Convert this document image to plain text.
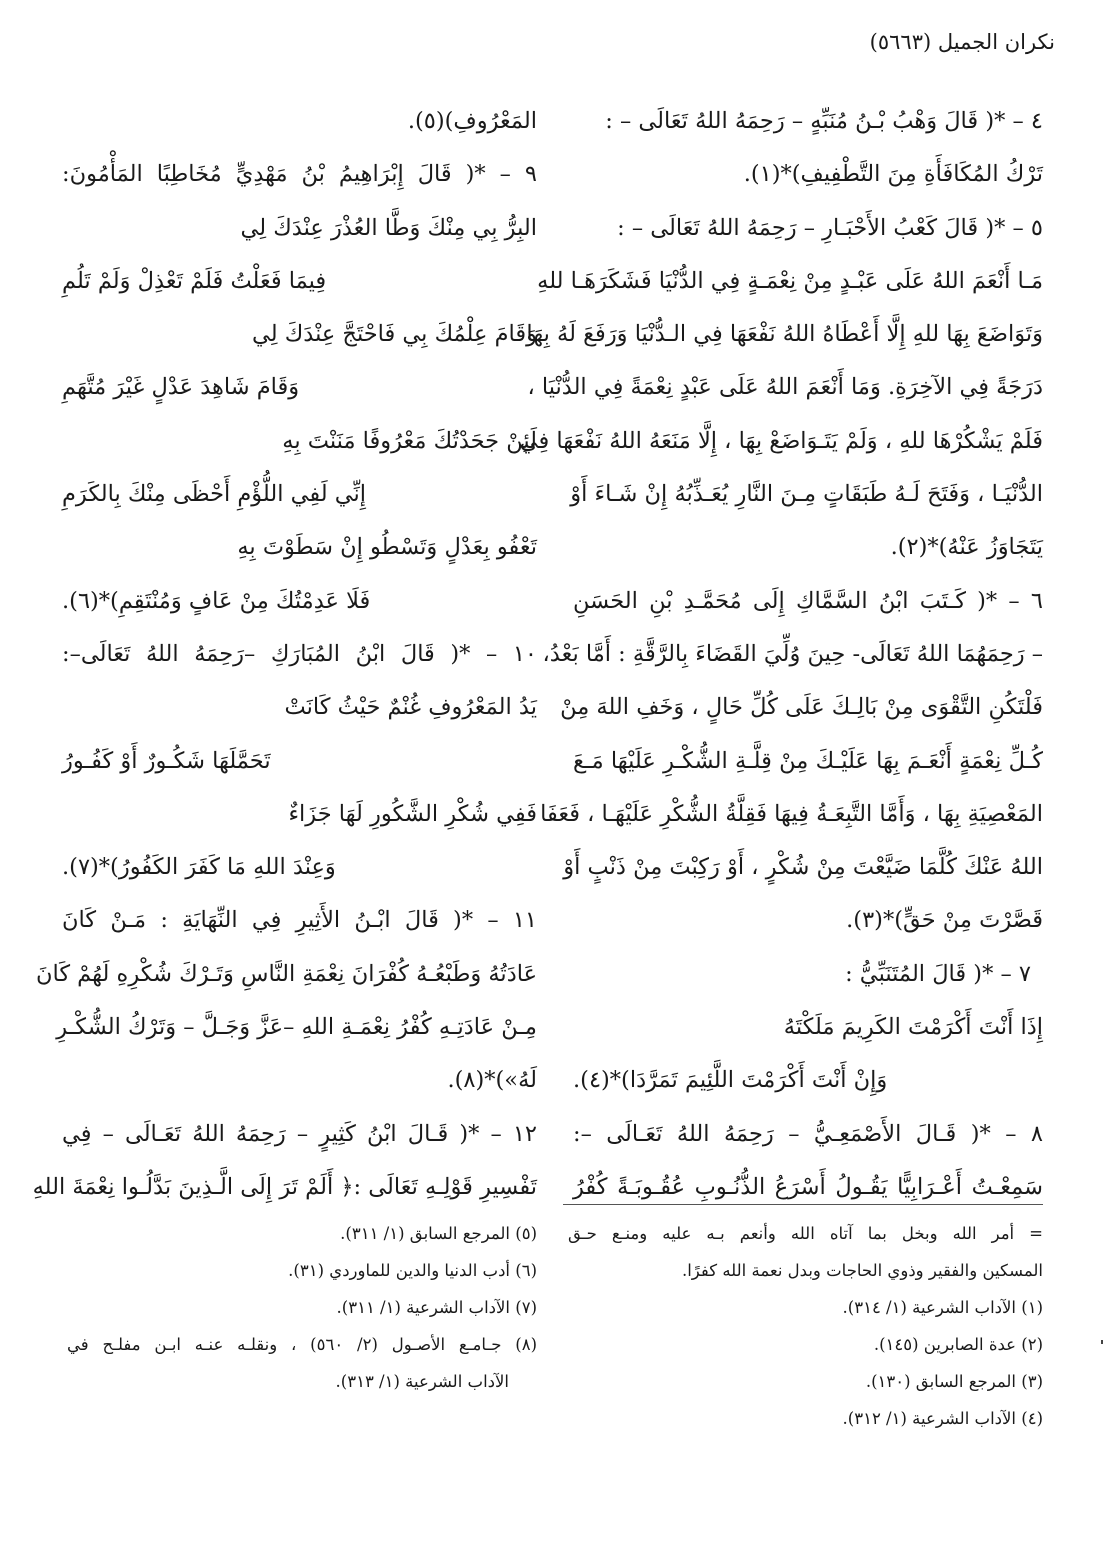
نكران الجميل (٥٦٦٣)
٤ – *( قَالَ وَهْبُ بْـنُ مُنَبِّهٍ – رَحِمَهُ اللهُ تَعَالَى – :
تَرْكُ المُكَافَأَةِ مِنَ التَّطْفِيفِ)*(١).
٥ – *( قَالَ كَعْبُ الأَحْبَـارِ – رَحِمَهُ اللهُ تَعَالَى – :
مَـا أَنْعَمَ اللهُ عَلَى عَبْـدٍ مِنْ نِعْمَـةٍ فِي الدُّنْيَا فَشَكَرَهَـا للهِ
وَتَوَاضَعَ بِهَا للهِ إِلَّا أَعْطَاهُ اللهُ نَفْعَهَا فِي الـدُّنْيَا وَرَفَعَ لَهُ بِهَا
دَرَجَةً فِي الآخِرَةِ. وَمَا أَنْعَمَ اللهُ عَلَى عَبْدٍ نِعْمَةً فِي الدُّنْيَا ،
فَلَمْ يَشْكُرْهَا للهِ ، وَلَمْ يَتَـوَاضَعْ بِهَا ، إِلَّا مَنَعَهُ اللهُ نَفْعَهَا فِي
الدُّنْيَـا ، وَفَتَحَ لَـهُ طَبَقَاتٍ مِـنَ النَّارِ يُعَـذِّبُهُ إِنْ شَـاءَ أَوْ
يَتَجَاوَزُ عَنْهُ)*(٢).
٦ – *( كَـتَبَ ابْنُ السَّمَّاكِ إِلَى مُحَمَّـدِ بْنِ الحَسَنِ
– رَحِمَهُمَا اللهُ تَعَالَى- حِينَ وُلِّيَ القَضَاءَ بِالرَّقَّةِ : أَمَّا بَعْدُ،
فَلْتَكُنِ التَّقْوَى مِنْ بَالِـكَ عَلَى كُلِّ حَالٍ ، وَخَفِ اللهَ مِنْ
كُـلِّ نِعْمَةٍ أَنْعَـمَ بِهَا عَلَيْـكَ مِنْ قِلَّـةِ الشُّكْـرِ عَلَيْهَا مَـعَ
المَعْصِيَةِ بِهَا ، وَأَمَّا التَّبِعَـةُ فِيهَا فَقِلَّةُ الشُّكْرِ عَلَيْهَـا ، فَعَفَا
اللهُ عَنْكَ كُلَّمَا ضَيَّعْتَ مِنْ شُكْرٍ ، أَوْ رَكِبْتَ مِنْ ذَنْبٍ أَوْ
قَصَّرْتَ مِنْ حَقٍّ)*(٣).
٧ – *( قَالَ المُتَنَبِّيُّ :
إِذَا أَنْتَ أَكْرَمْتَ الكَرِيمَ مَلَكْتَهُ
وَإِنْ أَنْتَ أَكْرَمْتَ اللَّئِيمَ تَمَرَّدَا)*(٤).
٨ – *( قَـالَ الأَصْمَعِـيُّ – رَحِمَهُ اللهُ تَعَـالَى –:
سَمِعْـتُ أَعْـرَابِيًّا يَقُـولُ أَسْرَعُ الذُّنُـوبِ عُقُـوبَـةً كُفْرُ
المَعْرُوفِ)(٥).
٩ – *( قَالَ إِبْرَاهِيمُ بْنُ مَهْدِيٍّ مُخَاطِبًا المَأْمُونَ:
البِرُّ بِي مِنْكَ وَطَّا العُذْرَ عِنْدَكَ لِي
فِيمَا فَعَلْتُ فَلَمْ تَعْذِلْ وَلَمْ تَلُمِ
وَقَامَ عِلْمُكَ بِي فَاحْتَجَّ عِنْدَكَ لِي
وَقَامَ شَاهِدَ عَدْلٍ غَيْرَ مُتَّهَمِ
لَئِنْ جَحَدْتُكَ مَعْرُوفًا مَنَنْتَ بِهِ
إِنِّي لَفِي اللُّؤْمِ أَحْظَى مِنْكَ بِالكَرَمِ
تَعْفُو بِعَدْلٍ وَتَسْطُو إِنْ سَطَوْتَ بِهِ
فَلَا عَدِمْتُكَ مِنْ عَافٍ وَمُنْتَقِمِ)*(٦).
١٠ – *( قَالَ ابْنُ المُبَارَكِ –رَحِمَهُ اللهُ تَعَالَى–:
يَدُ المَعْرُوفِ غُنْمٌ حَيْثُ كَانَتْ
تَحَمَّلَهَا شَكُـورٌ أَوْ كَفُـورُ
فَفِي شُكْرِ الشَّكُورِ لَهَا جَزَاءٌ
وَعِنْدَ اللهِ مَا كَفَرَ الكَفُورُ)*(٧).
١١ – *( قَالَ ابْـنُ الأَثِيرِ فِي النِّهَايَةِ : مَـنْ كَانَ
عَادَتُهُ وَطَبْعُـهُ كُفْرَانَ نِعْمَةِ النَّاسِ وَتَـرْكَ شُكْرِهِ لَهُمْ كَانَ
مِـنْ عَادَتِـهِ كُفْرُ نِعْمَـةِ اللهِ –عَزَّ وَجَـلَّ – وَتَرْكُ الشُّكْـرِ
لَهُ»)*(٨).
١٢ – *( قَـالَ ابْنُ كَثِيرٍ – رَحِمَهُ اللهُ تَعَـالَى – فِي
تَفْسِيرِ قَوْلِـهِ تَعَالَى :﴿ أَلَمْ تَرَ إِلَى الَّـذِينَ بَدَّلُـوا نِعْمَةَ اللهِ
= أمر الله وبخل بما آتاه الله وأنعم بـه عليه ومنـع حـق
المسكين والفقير وذوي الحاجات وبدل نعمة الله كفرًا.
(١) الآداب الشرعية (١/ ٣١٤).
(٢) عدة الصابرين (١٤٥).
(٣) المرجع السابق (١٣٠).
(٤) الآداب الشرعية (١/ ٣١٢).
(٥) المرجع السابق (١/ ٣١١).
(٦) أدب الدنيا والدين للماوردي (٣١).
(٧) الآداب الشرعية (١/ ٣١١).
(٨) جـامـع الأصـول (٢/ ٥٦٠) ، ونقلـه عنـه ابـن مفلـح في
الآداب الشرعية (١/ ٣١٣).
